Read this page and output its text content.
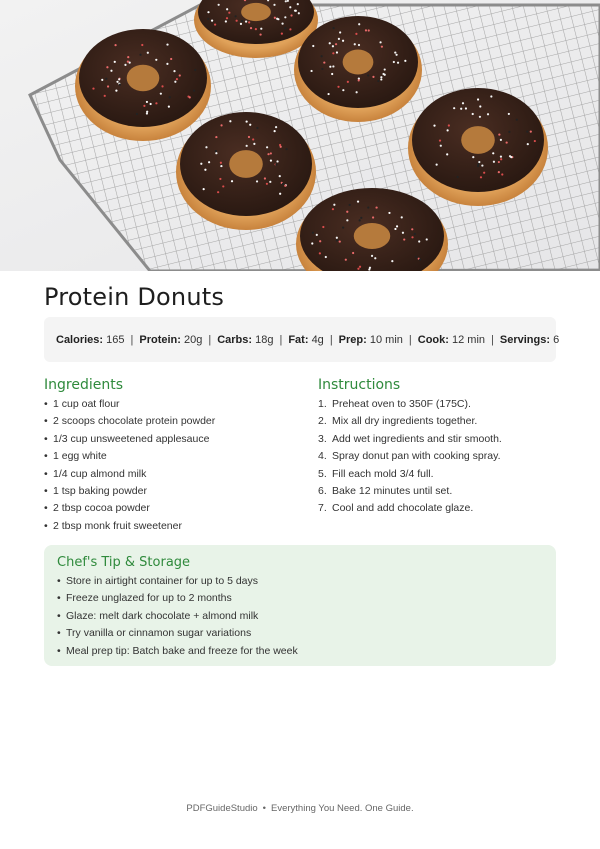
Protein Donuts
Calories: 165 | Protein: 20g | Carbs: 18g | Fat: 4g | Prep: 10 min | Cook: 12 min | Servings: 6
Ingredients
• 1 cup oat flour
• 2 scoops chocolate protein powder
• 1/3 cup unsweetened applesauce
• 1 egg white
• 1/4 cup almond milk
• 1 tsp baking powder
• 2 tbsp cocoa powder
• 2 tbsp monk fruit sweetener
Instructions
1. Preheat oven to 350F (175C).
2. Mix all dry ingredients together.
3. Add wet ingredients and stir smooth.
4. Spray donut pan with cooking spray.
5. Fill each mold 3/4 full.
6. Bake 12 minutes until set.
7. Cool and add chocolate glaze.
Chef's Tip & Storage
• Store in airtight container for up to 5 days
• Freeze unglazed for up to 2 months
• Glaze: melt dark chocolate + almond milk
• Try vanilla or cinnamon sugar variations
• Meal prep tip: Batch bake and freeze for the week
PDFGuideStudio • Everything You Need. One Guide.
